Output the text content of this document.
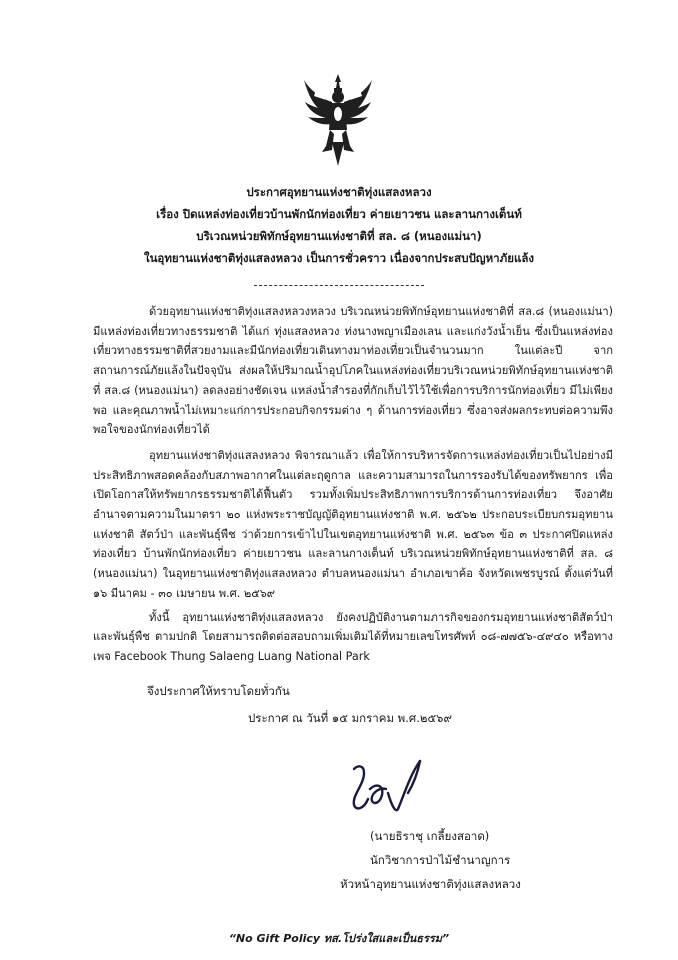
ประกาศอุทยานแห่งชาติทุ่งแสลงหลวง
เรื่อง ปิดแหล่งท่องเที่ยวบ้านพักนักท่องเที่ยว ค่ายเยาวชน และลานกางเต็นท์
บริเวณหน่วยพิทักษ์อุทยานแห่งชาติที่ สล. ๘ (หนองแม่นา)
ในอุทยานแห่งชาติทุ่งแสลงหลวง เป็นการชั่วคราว เนื่องจากประสบปัญหาภัยแล้ง

ด้วยอุทยานแห่งชาติทุ่งแสลงหลวงหลวง บริเวณหน่วยพิทักษ์อุทยานแห่งชาติที่ สล.๘ (หนองแม่นา) มีแหล่งท่องเที่ยวทางธรรมชาติ ได้แก่ ทุ่งแสลงหลวง ท่งนางพญาเมืองเลน และแก่งวังน้ำเย็น ซึ่งเป็นแหล่งท่องเที่ยวทางธรรมชาติที่สวยงามและมีนักท่องเที่ยวเดินทางมาท่องเที่ยวเป็นจำนวนมาก ในแต่ละปี จากสถานการณ์ภัยแล้งในปัจจุบัน ส่งผลให้ปริมาณน้ำอุปโภคในแหล่งท่องเที่ยวบริเวณหน่วยพิทักษ์อุทยานแห่งชาติที่ สล.๘ (หนองแม่นา) ลดลงอย่างชัดเจน แหล่งน้ำสำรองที่กักเก็บไว้ไว้ใช้เพื่อการบริการนักท่องเที่ยว มีไม่เพียงพอ และคุณภาพน้ำไม่เหมาะแก่การประกอบกิจกรรมต่าง ๆ ด้านการท่องเที่ยว ซึ่งอาจส่งผลกระทบต่อความพึงพอใจของนักท่องเที่ยวได้

อุทยานแห่งชาติทุ่งแสลงหลวง พิจารณาแล้ว เพื่อให้การบริหารจัดการแหล่งท่องเที่ยวเป็นไปอย่างมีประสิทธิภาพสอดคล้องกับสภาพอากาศในแต่ละฤดูกาล และความสามารถในการรองรับได้ของทรัพยากร เพื่อเปิดโอกาสให้ทรัพยากรธรรมชาติได้ฟื้นตัว รวมทั้งเพิ่มประสิทธิภาพการบริการด้านการท่องเที่ยว จึงอาศัยอำนาจตามความในมาตรา ๒๐ แห่งพระราชบัญญัติอุทยานแห่งชาติ พ.ศ. ๒๕๖๒ ประกอบระเบียบกรมอุทยานแห่งชาติ สัตว์ป่า และพันธุ์พืช ว่าด้วยการเข้าไปในเขตอุทยานแห่งชาติ พ.ศ. ๒๕๖๓ ข้อ ๓ ประกาศปิดแหล่งท่องเที่ยว บ้านพักนักท่องเที่ยว ค่ายเยาวชน และลานกางเต็นท์ บริเวณหน่วยพิทักษ์อุทยานแห่งชาติที่ สล. ๘ (หนองแม่นา) ในอุทยานแห่งชาติทุ่งแสลงหลวง ตำบลหนองแม่นา อำเภอเขาค้อ จังหวัดเพชรบูรณ์ ตั้งแต่วันที่ ๑๖ มีนาคม - ๓๐ เมษายน พ.ศ. ๒๕๖๙

ทั้งนี้ อุทยานแห่งชาติทุ่งแสลงหลวง ยังคงปฏิบัติงานตามภารกิจของกรมอุทยานแห่งชาติสัตว์ป่าและพันธุ์พืช ตามปกติ โดยสามารถติดต่อสอบถามเพิ่มเติมได้ที่หมายเลขโทรศัพท์ ๐๘-๗๗๕๖-๔๙๔๐ หรือทางเพจ Facebook Thung Salaeng Luang National Park

จึงประกาศให้ทราบโดยทั่วกัน
ประกาศ ณ วันที่ ๑๕ มกราคม พ.ศ.๒๕๖๙
(นายธิราชุ เกลี้ยงสอาด)
นักวิชาการป่าไม้ชำนาญการ
หัวหน้าอุทยานแห่งชาติทุ่งแสลงหลวง
“No Gift Policy ทส.โปร่งใสและเป็นธรรม”
